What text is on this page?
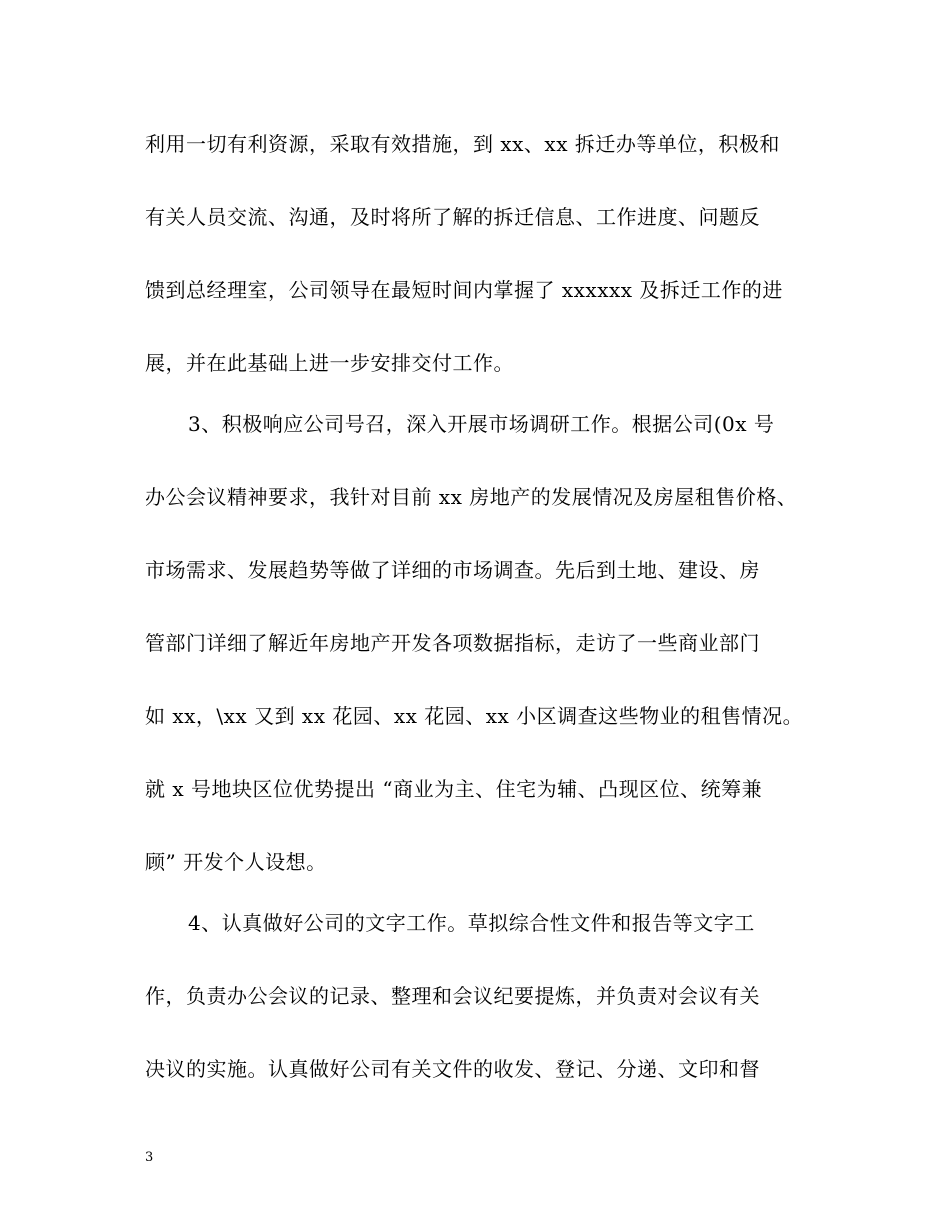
利用一切有利资源，采取有效措施，到 xx、xx 拆迁办等单位，积极和
有关人员交流、沟通，及时将所了解的拆迁信息、工作进度、问题反
馈到总经理室，公司领导在最短时间内掌握了 xxxxxx 及拆迁工作的进
展，并在此基础上进一步安排交付工作。
3、积极响应公司号召，深入开展市场调研工作。根据公司(0x 号
办公会议精神要求，我针对目前 xx 房地产的发展情况及房屋租售价格、
市场需求、发展趋势等做了详细的市场调查。先后到土地、建设、房
管部门详细了解近年房地产开发各项数据指标，走访了一些商业部门
如 xx，\xx 又到 xx 花园、xx 花园、xx 小区调查这些物业的租售情况。
就 x 号地块区位优势提出 “商业为主、住宅为辅、凸现区位、统筹兼
顾” 开发个人设想。
4、认真做好公司的文字工作。草拟综合性文件和报告等文字工
作，负责办公会议的记录、整理和会议纪要提炼，并负责对会议有关
决议的实施。认真做好公司有关文件的收发、登记、分递、文印和督
3
